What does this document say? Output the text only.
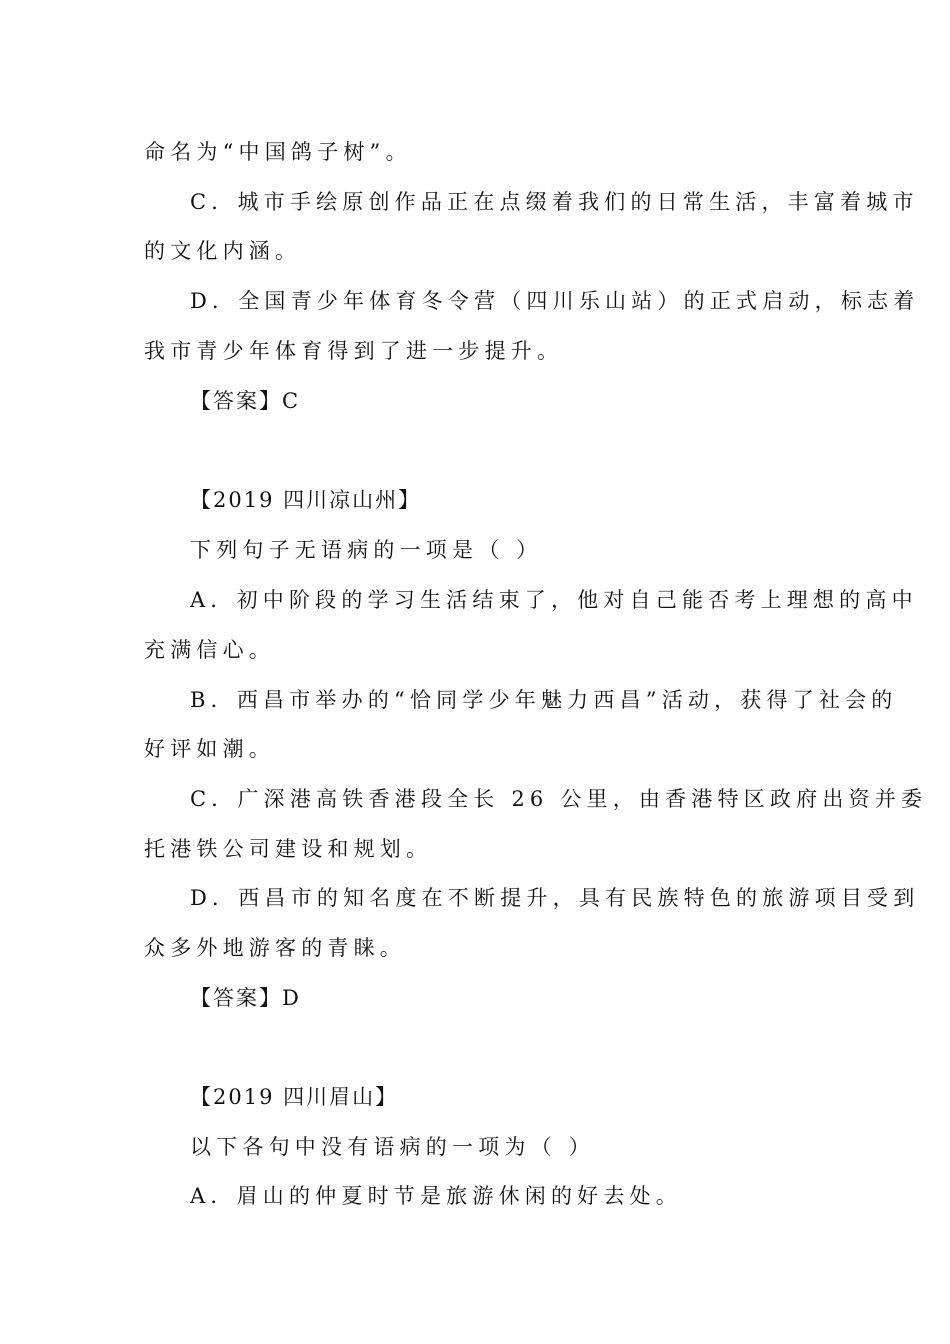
命名为“中国鸽子树”。
C．城市手绘原创作品正在点缀着我们的日常生活，丰富着城市
的文化内涵。
D．全国青少年体育冬令营（四川乐山站）的正式启动，标志着
我市青少年体育得到了进一步提升。
【答案】C
【2019 四川凉山州】
下列句子无语病的一项是（ ）
A．初中阶段的学习生活结束了，他对自己能否考上理想的高中
充满信心。
B．西昌市举办的“恰同学少年魅力西昌”活动，获得了社会的
好评如潮。
C．广深港高铁香港段全长 26 公里，由香港特区政府出资并委
托港铁公司建设和规划。
D．西昌市的知名度在不断提升，具有民族特色的旅游项目受到
众多外地游客的青睐。
【答案】D
【2019 四川眉山】
以下各句中没有语病的一项为（ ）
A．眉山的仲夏时节是旅游休闲的好去处。
